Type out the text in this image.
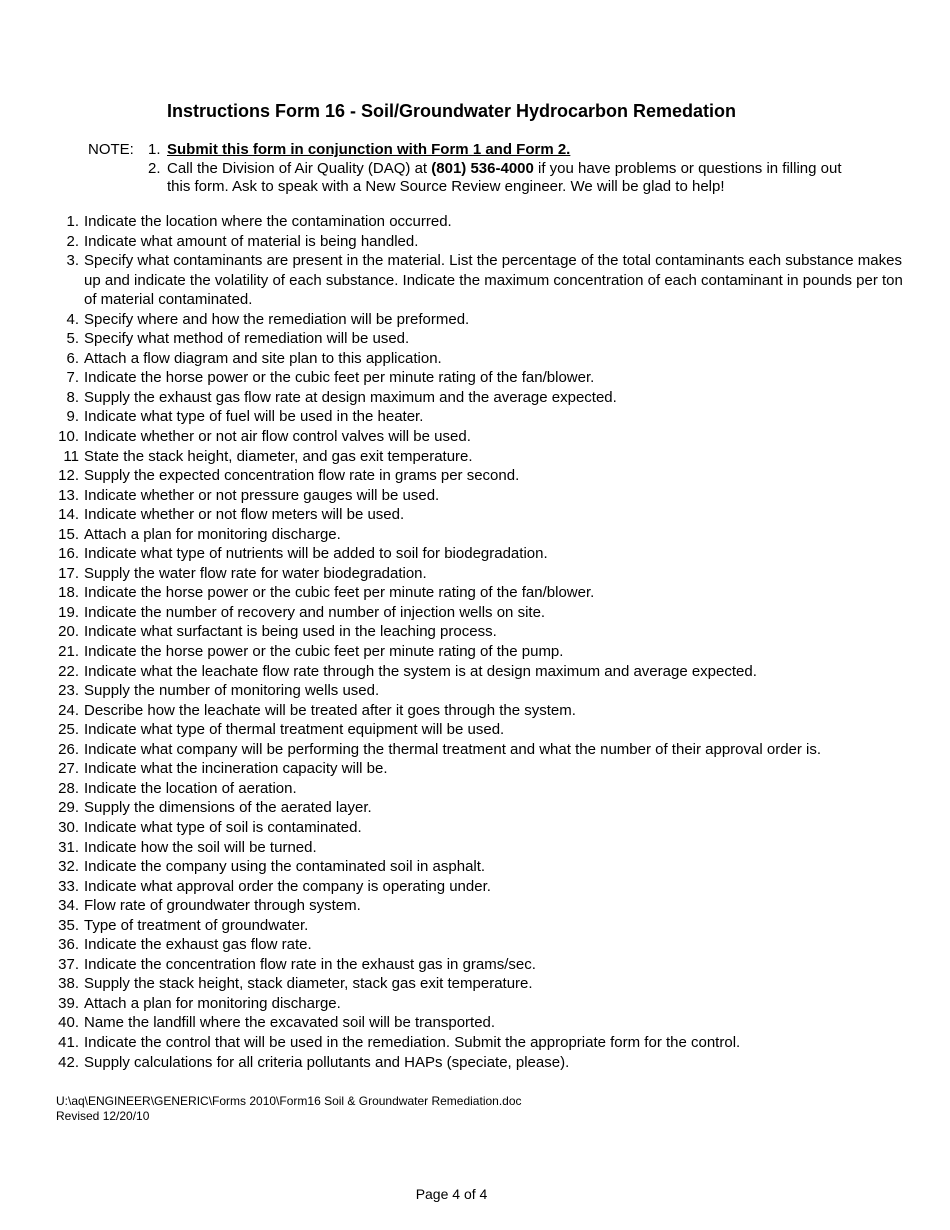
Instructions Form 16 - Soil/Groundwater Hydrocarbon Remedation
NOTE: 1. Submit this form in conjunction with Form 1 and Form 2.
2. Call the Division of Air Quality (DAQ) at (801) 536-4000 if you have problems or questions in filling out this form. Ask to speak with a New Source Review engineer. We will be glad to help!
1. Indicate the location where the contamination occurred.
2. Indicate what amount of material is being handled.
3. Specify what contaminants are present in the material. List the percentage of the total contaminants each substance makes up and indicate the volatility of each substance. Indicate the maximum concentration of each contaminant in pounds per ton of material contaminated.
4. Specify where and how the remediation will be preformed.
5. Specify what method of remediation will be used.
6. Attach a flow diagram and site plan to this application.
7. Indicate the horse power or the cubic feet per minute rating of the fan/blower.
8. Supply the exhaust gas flow rate at design maximum and the average expected.
9. Indicate what type of fuel will be used in the heater.
10. Indicate whether or not air flow control valves will be used.
11 State the stack height, diameter, and gas exit temperature.
12. Supply the expected concentration flow rate in grams per second.
13. Indicate whether or not pressure gauges will be used.
14. Indicate whether or not flow meters will be used.
15. Attach a plan for monitoring discharge.
16. Indicate what type of nutrients will be added to soil for biodegradation.
17. Supply the water flow rate for water biodegradation.
18. Indicate the horse power or the cubic feet per minute rating of the fan/blower.
19. Indicate the number of recovery and number of injection wells on site.
20. Indicate what surfactant is being used in the leaching process.
21. Indicate the horse power or the cubic feet per minute rating of the pump.
22. Indicate what the leachate flow rate through the system is at design maximum and average expected.
23. Supply the number of monitoring wells used.
24. Describe how the leachate will be treated after it goes through the system.
25. Indicate what type of thermal treatment equipment will be used.
26. Indicate what company will be performing the thermal treatment and what the number of their approval order is.
27. Indicate what the incineration capacity will be.
28. Indicate the location of aeration.
29. Supply the dimensions of the aerated layer.
30. Indicate what type of soil is contaminated.
31. Indicate how the soil will be turned.
32. Indicate the company using the contaminated soil in asphalt.
33. Indicate what approval order the company is operating under.
34. Flow rate of groundwater through system.
35. Type of treatment of groundwater.
36. Indicate the exhaust gas flow rate.
37. Indicate the concentration flow rate in the exhaust gas in grams/sec.
38. Supply the stack height, stack diameter, stack gas exit temperature.
39. Attach a plan for monitoring discharge.
40. Name the landfill where the excavated soil will be transported.
41. Indicate the control that will be used in the remediation. Submit the appropriate form for the control.
42. Supply calculations for all criteria pollutants and HAPs (speciate, please).
U:\aq\ENGINEER\GENERIC\Forms 2010\Form16 Soil & Groundwater Remediation.doc
Revised 12/20/10
Page 4 of 4
